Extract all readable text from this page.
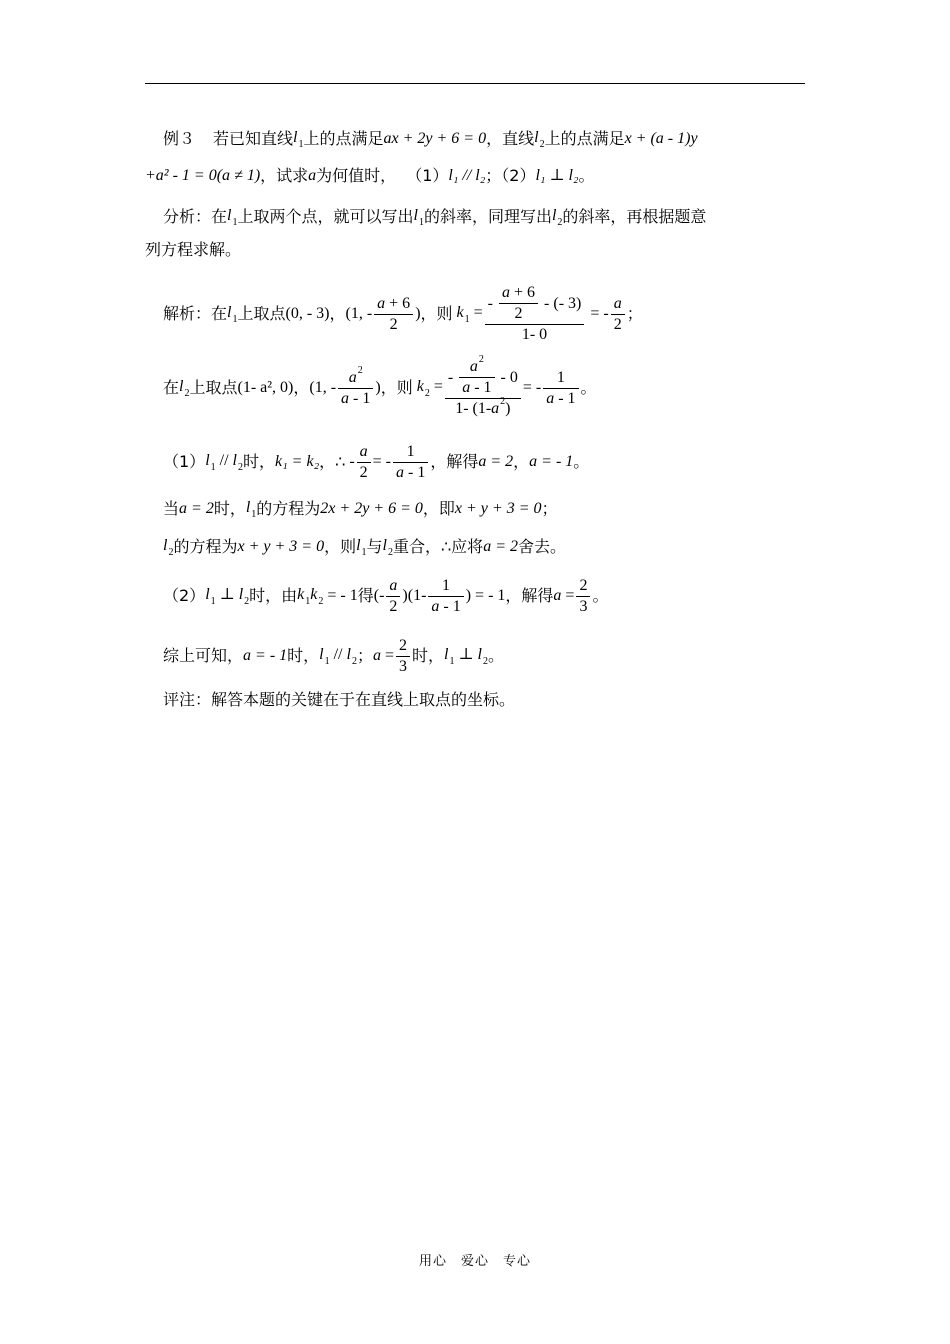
例３ 若已知直线 $l_1$ 上的点满足 ax + 2y + 6 = 0 ，直线 $l_2$ 上的点满足 x + (a - 1)y
+a² - 1 = 0(a ≠ 1) ，试求 a 为何值时， （1） l₁ // l₂ ；（2） l₁ ⊥ l₂ 。
分析： 在 $l_1$ 上取两个点，就可以写出 $l_1$ 的斜率，同理写出 $l_2$ 的斜率，再根据题意
列方程求解。
解析： 在 $l_1$ 上取点 (0, - 3) ， (1, - $\frac{a + 6}{2}$ ) ，则 $k_1 = \frac{- \frac{a + 6}{2} - (- 3)}{1- 0}$ = - $\frac{a}{2}$ ；
在 $l_2$ 上取点 (1- a², 0) ， (1, - $\frac{a 2}{a - 1}$ ) ，则 $k_2 = \frac{- \frac{a 2}{a - 1} - 0}{1- (1- a 2 )}$ = - $\frac{1}{a - 1}$ 。
（1） $l_1 // l_2$ 时， k₁ = k₂ ，∴ - $\frac{a}{2}$ = - $\frac{1}{a - 1}$ ，解得 a = 2 ， a = - 1 。
当 a = 2 时， $l_1$ 的方程为 2x + 2y + 6 = 0 ，即 x + y + 3 = 0 ；
$l_2$ 的方程为 x + y + 3 = 0 ，则 $l_1$ 与 $l_2$ 重合，∴应将 a = 2 舍去。
（2） $l_1$ ⊥ $l_2$ 时，由 $k_1k_2$ = - 1 得 (- $\frac{a}{2} )(1- \frac{1}{a - 1}$ ) = - 1 ，解得 $a = \frac{2}{3}$ 。
综上可知， a = - 1 时， $l_1 // l_2$ ； $a = \frac{2}{3}$ 时， $l_1$ ⊥ $l_2$ 。
评注： 解答本题的关键在于在直线上取点的坐标。
用心　爱心　专心
